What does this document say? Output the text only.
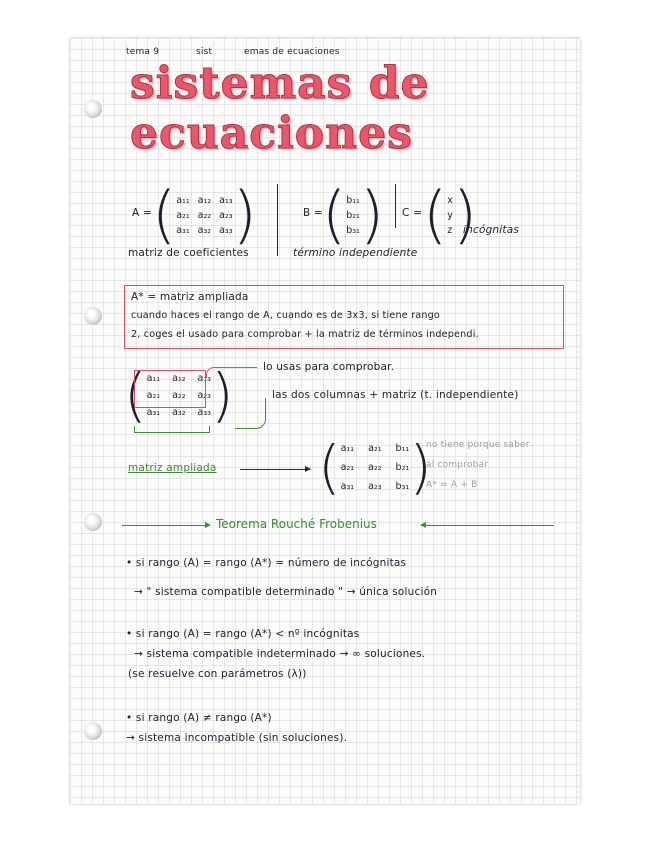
tema 9	sist	emas de ecuaciones
sistemas de
ecuaciones
A = ( a₁₁ a₁₂ a₁₃
a₂₁ a₂₂ a₂₃
a₃₁ a₃₂ a₃₃ )
matriz de coeficientes
B = ( b₁₁
b₂₁
b₃₁ )
término independiente
C = ( x
y
z )
incógnitas
A* = matriz ampliada
cuando haces el rango de A, cuando es de 3x3, si tiene rango
2, coges el usado para comprobar + la matriz de términos independi.
( a₁₁ a₁₂ a₁₃
a₂₁ a₂₂ a₂₃
a₃₁ a₃₂ a₃₃ )	lo usas para comprobar.
las dos columnas + matriz (t. independiente)
matriz ampliada ( a₁₁ a₂₁ b₁₁
a₂₁ a₂₂ b₂₁
a₃₁ a₂₃ b₃₁ )
no tiene porque saber
al comprobar
A* = A + B
Teorema Rouché Frobenius
• si rango (A) = rango (A*) = número de incógnitas
→ " sistema compatible determinado " → única solución
• si rango (A) = rango (A*) < nº incógnitas
→ sistema compatible indeterminado → ∞ soluciones.
(se resuelve con parámetros (λ))
• si rango (A) ≠ rango (A*)
→ sistema incompatible (sin soluciones).
